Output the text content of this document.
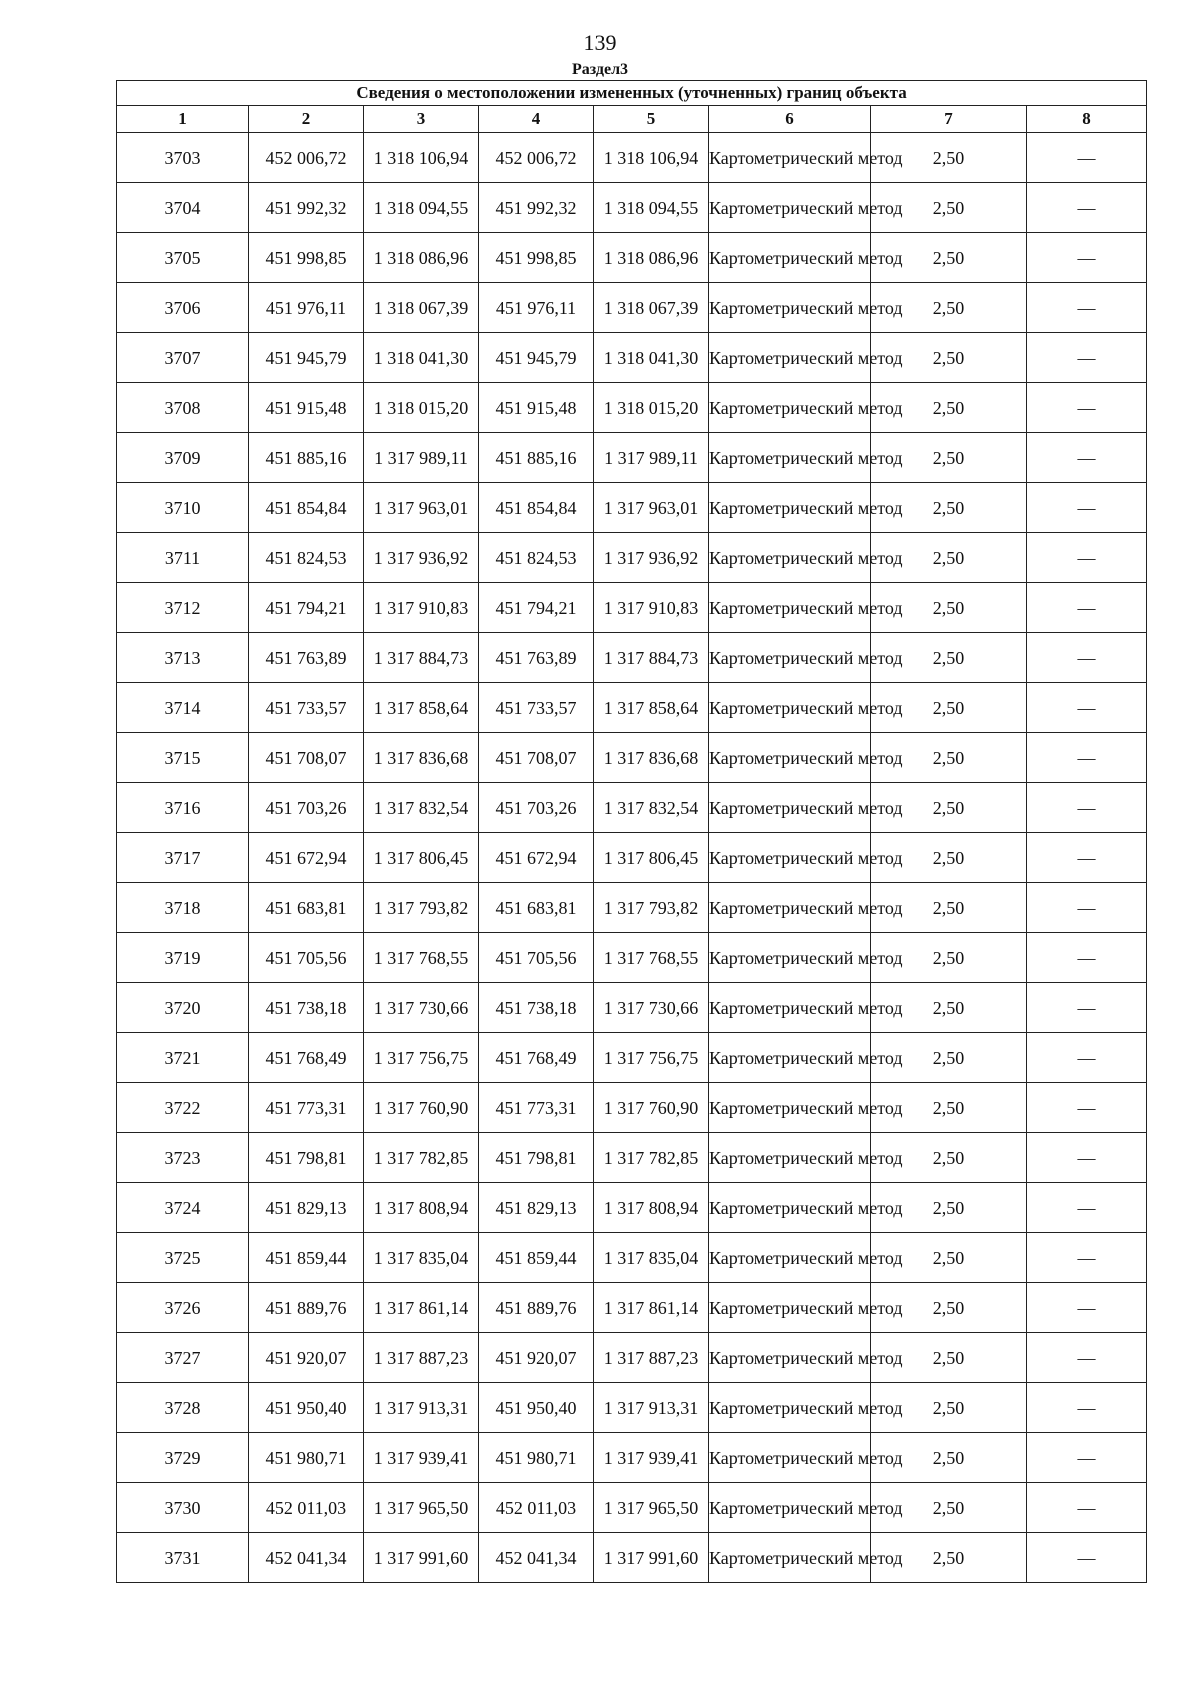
139
Раздел3
Сведения о местоположении измененных (уточненных) границ объекта							
1	2	3	4	5	6	7	8
3703	452 006,72	1 318 106,94	452 006,72	1 318 106,94	Картометрический метод	2,50	—
3704	451 992,32	1 318 094,55	451 992,32	1 318 094,55	Картометрический метод	2,50	—
3705	451 998,85	1 318 086,96	451 998,85	1 318 086,96	Картометрический метод	2,50	—
3706	451 976,11	1 318 067,39	451 976,11	1 318 067,39	Картометрический метод	2,50	—
3707	451 945,79	1 318 041,30	451 945,79	1 318 041,30	Картометрический метод	2,50	—
3708	451 915,48	1 318 015,20	451 915,48	1 318 015,20	Картометрический метод	2,50	—
3709	451 885,16	1 317 989,11	451 885,16	1 317 989,11	Картометрический метод	2,50	—
3710	451 854,84	1 317 963,01	451 854,84	1 317 963,01	Картометрический метод	2,50	—
3711	451 824,53	1 317 936,92	451 824,53	1 317 936,92	Картометрический метод	2,50	—
3712	451 794,21	1 317 910,83	451 794,21	1 317 910,83	Картометрический метод	2,50	—
3713	451 763,89	1 317 884,73	451 763,89	1 317 884,73	Картометрический метод	2,50	—
3714	451 733,57	1 317 858,64	451 733,57	1 317 858,64	Картометрический метод	2,50	—
3715	451 708,07	1 317 836,68	451 708,07	1 317 836,68	Картометрический метод	2,50	—
3716	451 703,26	1 317 832,54	451 703,26	1 317 832,54	Картометрический метод	2,50	—
3717	451 672,94	1 317 806,45	451 672,94	1 317 806,45	Картометрический метод	2,50	—
3718	451 683,81	1 317 793,82	451 683,81	1 317 793,82	Картометрический метод	2,50	—
3719	451 705,56	1 317 768,55	451 705,56	1 317 768,55	Картометрический метод	2,50	—
3720	451 738,18	1 317 730,66	451 738,18	1 317 730,66	Картометрический метод	2,50	—
3721	451 768,49	1 317 756,75	451 768,49	1 317 756,75	Картометрический метод	2,50	—
3722	451 773,31	1 317 760,90	451 773,31	1 317 760,90	Картометрический метод	2,50	—
3723	451 798,81	1 317 782,85	451 798,81	1 317 782,85	Картометрический метод	2,50	—
3724	451 829,13	1 317 808,94	451 829,13	1 317 808,94	Картометрический метод	2,50	—
3725	451 859,44	1 317 835,04	451 859,44	1 317 835,04	Картометрический метод	2,50	—
3726	451 889,76	1 317 861,14	451 889,76	1 317 861,14	Картометрический метод	2,50	—
3727	451 920,07	1 317 887,23	451 920,07	1 317 887,23	Картометрический метод	2,50	—
3728	451 950,40	1 317 913,31	451 950,40	1 317 913,31	Картометрический метод	2,50	—
3729	451 980,71	1 317 939,41	451 980,71	1 317 939,41	Картометрический метод	2,50	—
3730	452 011,03	1 317 965,50	452 011,03	1 317 965,50	Картометрический метод	2,50	—
3731	452 041,34	1 317 991,60	452 041,34	1 317 991,60	Картометрический метод	2,50	—
